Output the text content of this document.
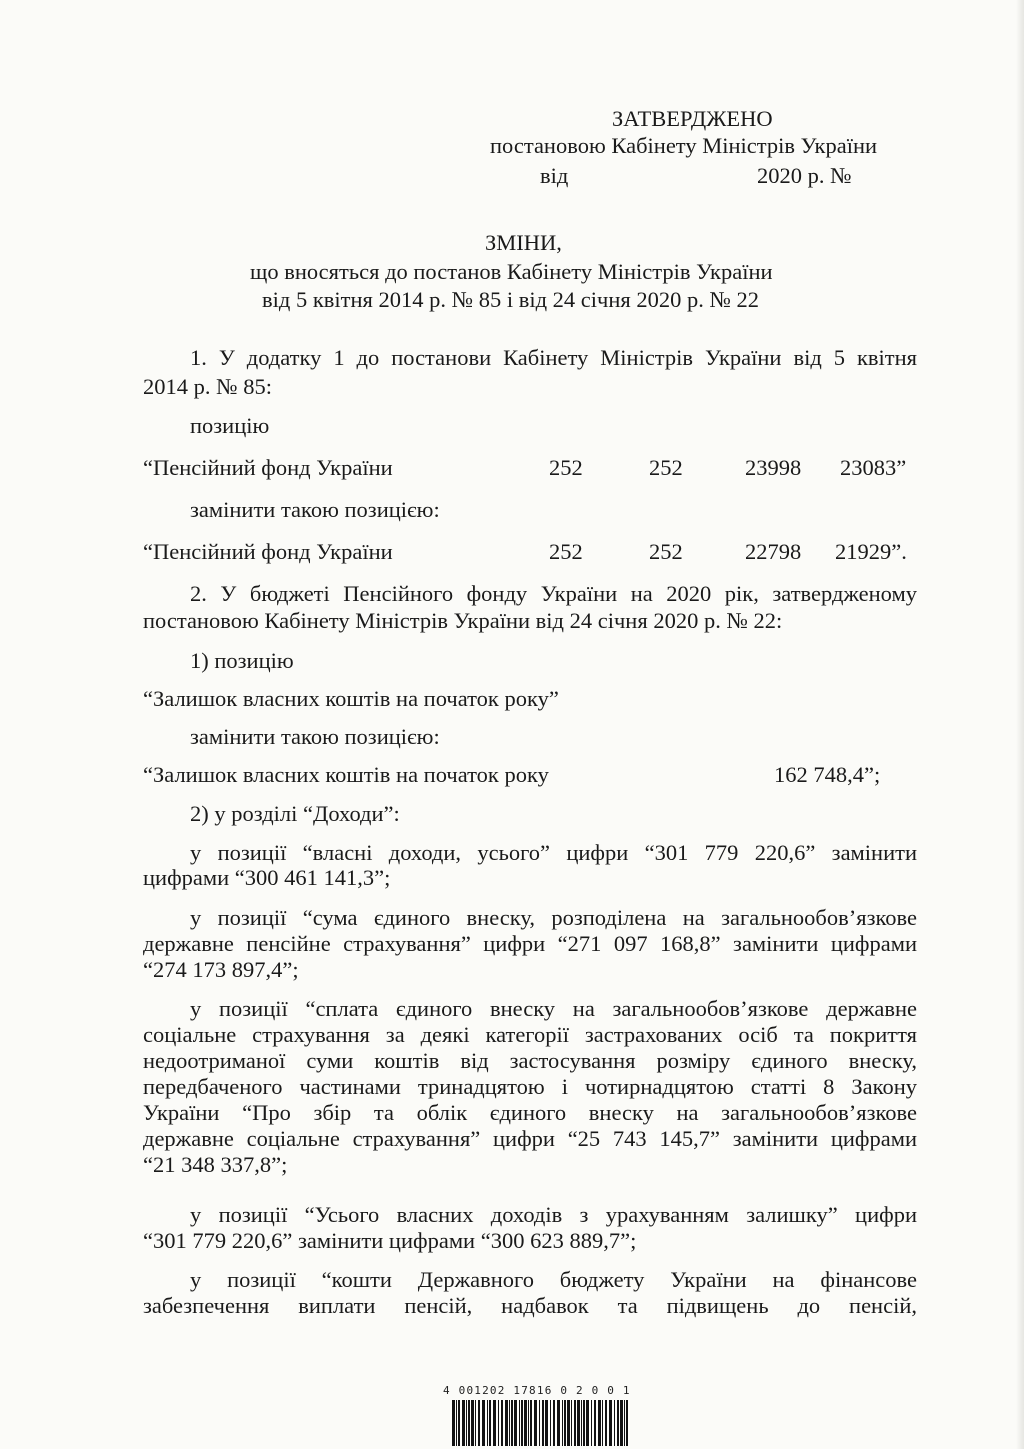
ЗАТВЕРДЖЕНО
постановою Кабінету Міністрів України
від	2020 р. №
ЗМІНИ,
що вносяться до постанов Кабінету Міністрів України
від 5 квітня 2014 р. № 85 і від 24 січня 2020 р. № 22
1. У додатку 1 до постанови Кабінету Міністрів України від 5 квітня
2014 р. № 85:
позицію
“Пенсійний фонд України	252	252	23998 23083”
замінити такою позицією:
“Пенсійний фонд України	252	252	22798 21929”.
2. У бюджеті Пенсійного фонду України на 2020 рік, затвердженому
постановою Кабінету Міністрів України від 24 січня 2020 р. № 22:
1) позицію
“Залишок власних коштів на початок року”
замінити такою позицією:
“Залишок власних коштів на початок року	162 748,4”;
2) у розділі “Доходи”:
у позиції “власні доходи, усього” цифри “301 779 220,6” замінити
цифрами “300 461 141,3”;
у позиції “сума єдиного внеску, розподілена на загальнообов’язкове
державне пенсійне страхування” цифри “271 097 168,8” замінити цифрами
“274 173 897,4”;
у позиції “сплата єдиного внеску на загальнообов’язкове державне
соціальне страхування за деякі категорії застрахованих осіб та покриття
недоотриманої суми коштів від застосування розміру єдиного внеску,
передбаченого частинами тринадцятою і чотирнадцятою статті 8 Закону
України “Про збір та облік єдиного внеску на загальнообов’язкове
державне соціальне страхування” цифри “25 743 145,7” замінити цифрами
“21 348 337,8”;
у позиції “Усього власних доходів з урахуванням залишку” цифри
“301 779 220,6” замінити цифрами “300 623 889,7”;
у позиції “кошти Державного бюджету України на фінансове
забезпечення виплати пенсій, надбавок та підвищень до пенсій,
4 001202 17816 0 2 0 0 1
